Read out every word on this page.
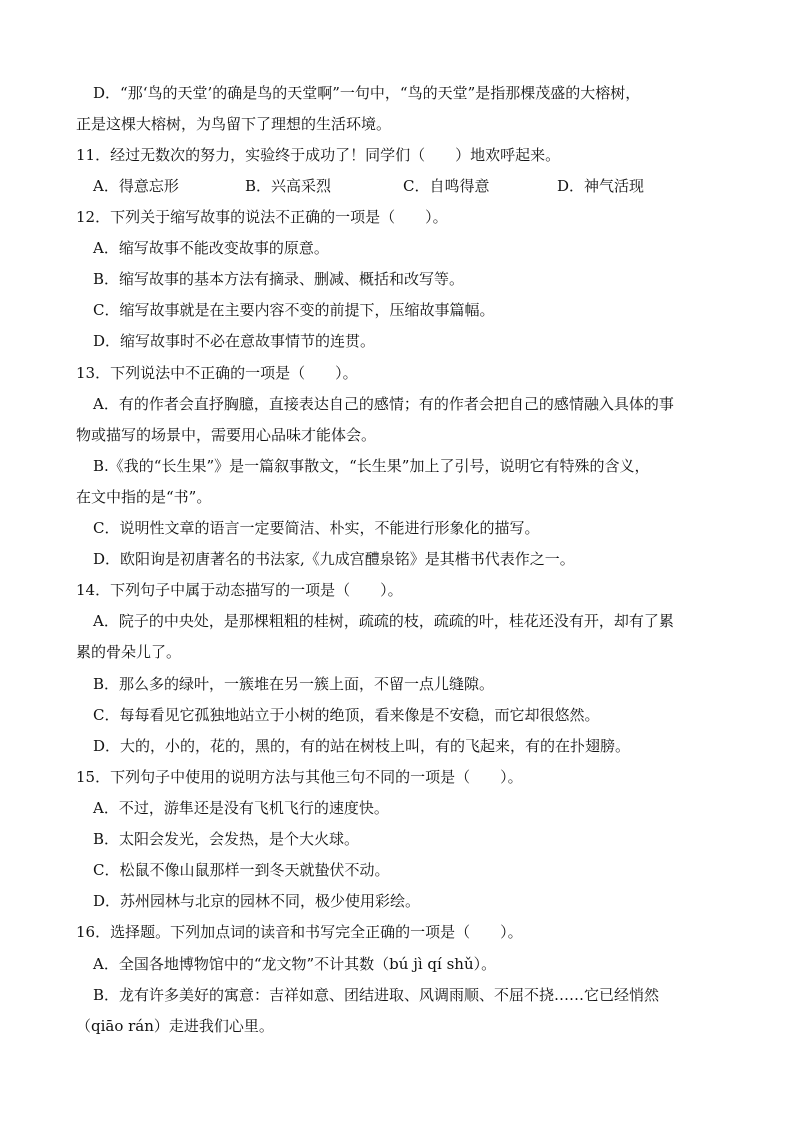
D．“那‘鸟的天堂’的确是鸟的天堂啊”一句中，“鸟的天堂”是指那棵茂盛的大榕树，
正是这棵大榕树，为鸟留下了理想的生活环境。
11．经过无数次的努力，实验终于成功了！同学们（　　）地欢呼起来。
A．得意忘形	B．兴高采烈	C．自鸣得意	D．神气活现
12．下列关于缩写故事的说法不正确的一项是（　　）。
A．缩写故事不能改变故事的原意。
B．缩写故事的基本方法有摘录、删减、概括和改写等。
C．缩写故事就是在主要内容不变的前提下，压缩故事篇幅。
D．缩写故事时不必在意故事情节的连贯。
13．下列说法中不正确的一项是（　　）。
A．有的作者会直抒胸臆，直接表达自己的感情；有的作者会把自己的感情融入具体的事
物或描写的场景中，需要用心品味才能体会。
B.《我的“长生果”》是一篇叙事散文，“长生果”加上了引号，说明它有特殊的含义，
在文中指的是“书”。
C．说明性文章的语言一定要简洁、朴实，不能进行形象化的描写。
D．欧阳询是初唐著名的书法家,《九成宫醴泉铭》是其楷书代表作之一。
14．下列句子中属于动态描写的一项是（　　）。
A．院子的中央处，是那棵粗粗的桂树，疏疏的枝，疏疏的叶，桂花还没有开，却有了累
累的骨朵儿了。
B．那么多的绿叶，一簇堆在另一簇上面，不留一点儿缝隙。
C．每每看见它孤独地站立于小树的绝顶，看来像是不安稳，而它却很悠然。
D．大的，小的，花的，黑的，有的站在树枝上叫，有的飞起来，有的在扑翅膀。
15．下列句子中使用的说明方法与其他三句不同的一项是（　　）。
A．不过，游隼还是没有飞机飞行的速度快。
B．太阳会发光，会发热，是个大火球。
C．松鼠不像山鼠那样一到冬天就蛰伏不动。
D．苏州园林与北京的园林不同，极少使用彩绘。
16．选择题。下列加点词的读音和书写完全正确的一项是（　　）。
A．全国各地博物馆中的“龙文物”不计其数（bú jì qí shǔ）。
B．龙有许多美好的寓意：吉祥如意、团结进取、风调雨顺、不屈不挠……它已经悄然
（qiāo rán）走进我们心里。
